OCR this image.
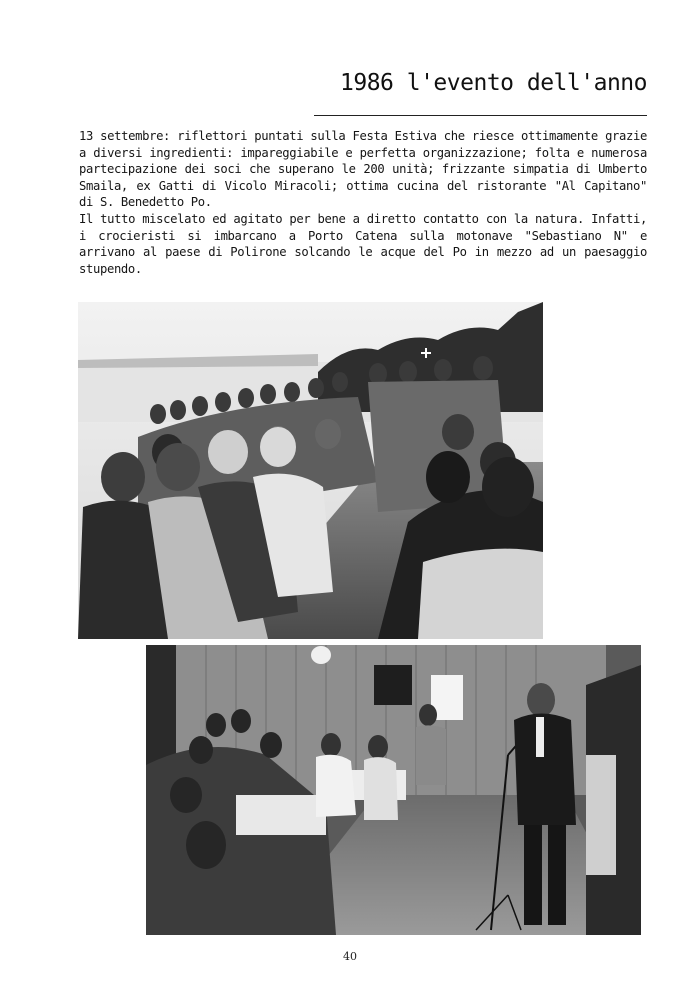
1986 l'evento dell'anno

13 settembre: riflettori puntati sulla Festa Estiva che riesce ottimamente grazie a diversi ingredienti: impareggiabile e perfetta organizzazione; folta e numerosa partecipazione dei soci che superano le 200 unità; frizzante simpatia di Umberto Smaila, ex Gatti di Vicolo Miracoli; ottima cucina del ristorante "Al Capitano" di S. Benedetto Po.

Il tutto miscelato ed agitato per bene a diretto contatto con la natura. Infatti, i crocieristi si imbarcano a Porto Catena sulla motonave "Sebastiano N" e arrivano al paese di Polirone solcando le acque del Po in mezzo ad un paesaggio stupendo.

40
